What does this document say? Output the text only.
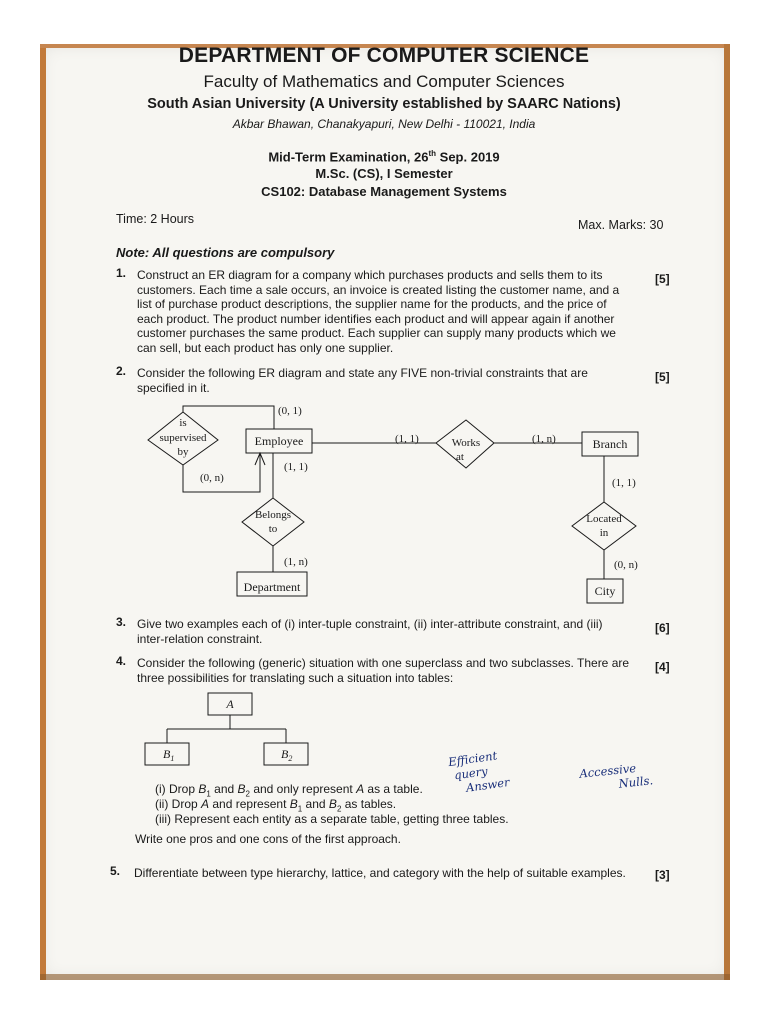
DEPARTMENT OF COMPUTER SCIENCE
Faculty of Mathematics and Computer Sciences
South Asian University (A University established by SAARC Nations)
Akbar Bhawan, Chanakyapuri, New Delhi - 110021, India
Mid-Term Examination, 26th Sep. 2019
M.Sc. (CS), I Semester
CS102: Database Management Systems
Time: 2 Hours	Max. Marks: 30
Note: All questions are compulsory
1. Construct an ER diagram for a company which purchases products and sells them to its
customers. Each time a sale occurs, an invoice is created listing the customer name, and a
list of purchase product descriptions, the supplier name for the products, and the price of
each product. The product number identifies each product and will appear again if another
customer purchases the same product. Each supplier can supply many products which we
can sell, but each product has only one supplier.
[5]
2. Consider the following ER diagram and state any FIVE non-trivial constraints that are
specified in it.
[5]
is
supervised
by
Employee	Branch
Department	City
Works
at
Belongs
to
Located
in
(0, 1)
(0, n)
(1, 1)	(1, n)
(1, 1)
(1, n)
(1, 1)
(0, n)
A
$B_1$	$B_2$
3. Give two examples each of (i) inter-tuple constraint, (ii) inter-attribute constraint, and (iii)
inter-relation constraint.
[6]
4. Consider the following (generic) situation with one superclass and two subclasses. There are
three possibilities for translating such a situation into tables:
[4]
(i) Drop $B_1$ and $B_2$ and only represent A as a table.
(ii) Drop A and represent $B_1$ and $B_2$ as tables.
(iii) Represent each entity as a separate table, getting three tables.
Write one pros and one cons of the first approach.
Efficient
query
Answer
Accessive
Nulls.
5. Differentiate between type hierarchy, lattice, and category with the help of suitable examples. [3]
